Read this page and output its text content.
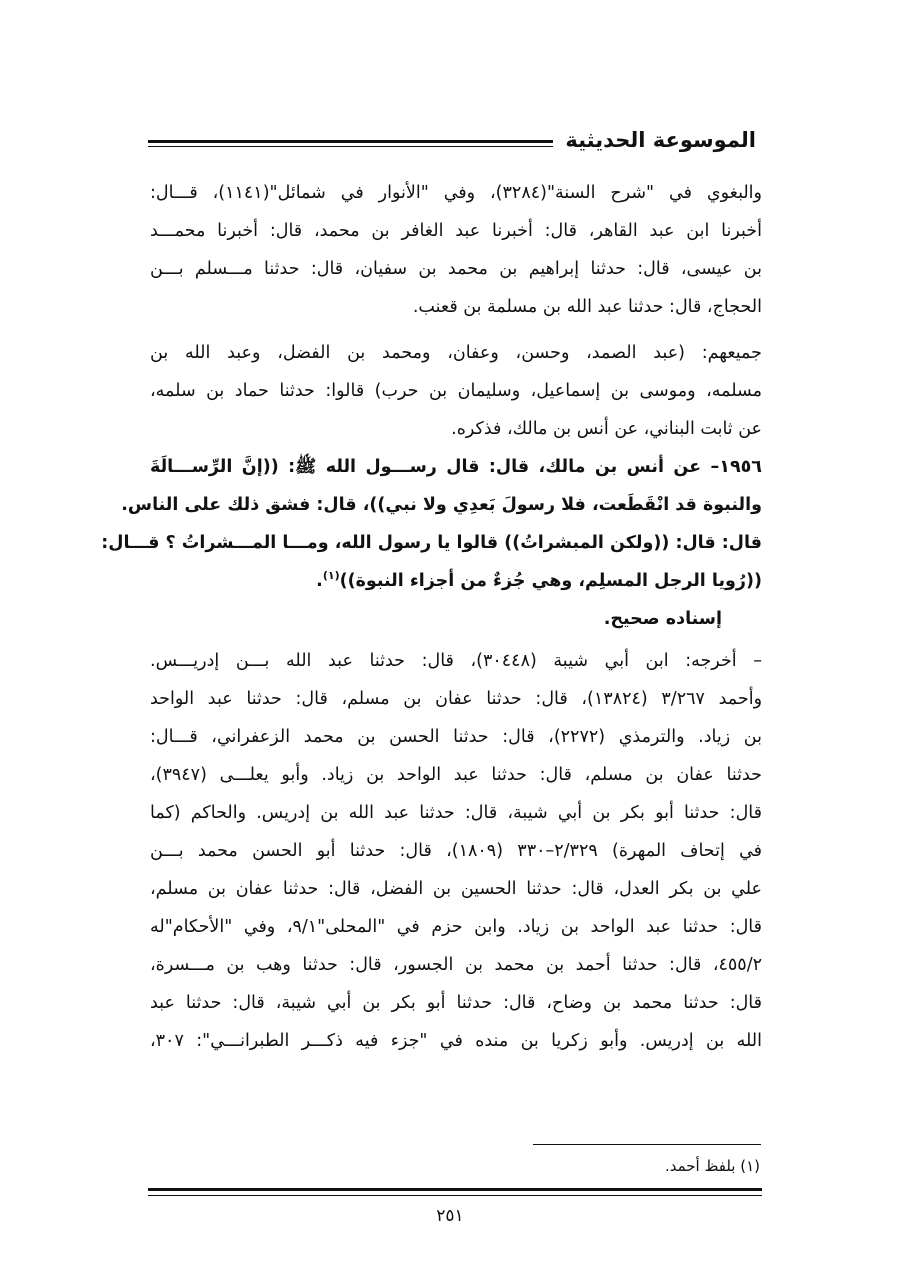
الموسوعة الحديثية
والبغوي في "شرح السنة"(٣٢٨٤)، وفي "الأنوار في شمائل"(١١٤١)، قـــال:
أخبرنا ابن عبد القاهر، قال: أخبرنا عبد الغافر بن محمد، قال: أخبرنا محمـــد
بن عيسى، قال: حدثنا إبراهيم بن محمد بن سفيان، قال: حدثنا مـــسلم بـــن
الحجاج، قال: حدثنا عبد الله بن مسلمة بن قعنب.
جميعهم: (عبد الصمد، وحسن، وعفان، ومحمد بن الفضل، وعبد الله بن
مسلمه، وموسى بن إسماعيل، وسليمان بن حرب) قالوا: حدثنا حماد بن سلمه،
عن ثابت البناني، عن أنس بن مالك، فذكره.
١٩٥٦– عن أنس بن مالك، قال: قال رســـول الله ﷺ: ((إنَّ الرِّســـالَةَ
والنبوة قد انْقَطَعت، فلا رسولَ بَعدِي ولا نبي))، قال: فشق ذلك على الناس.
قال: قال: ((ولكن المبشراتُ)) قالوا يا رسول الله، ومـــا المـــشراتُ ؟ قـــال:
((رُويا الرجل المسلِم، وهي جُزءٌ من أجزاء النبوة))$^{(١)}$.
إسناده صحيح.
– أخرجه: ابن أبي شيبة (٣٠٤٤٨)، قال: حدثنا عبد الله بـــن إدريـــس.
وأحمد ٣/٢٦٧ (١٣٨٢٤)، قال: حدثنا عفان بن مسلم، قال: حدثنا عبد الواحد
بن زياد. والترمذي (٢٢٧٢)، قال: حدثنا الحسن بن محمد الزعفراني، قـــال:
حدثنا عفان بن مسلم، قال: حدثنا عبد الواحد بن زياد. وأبو يعلـــى (٣٩٤٧)،
قال: حدثنا أبو بكر بن أبي شيبة، قال: حدثنا عبد الله بن إدريس. والحاكم (كما
في إتحاف المهرة) ٢/٣٢٩–٣٣٠ (١٨٠٩)، قال: حدثنا أبو الحسن محمد بـــن
علي بن بكر العدل، قال: حدثنا الحسين بن الفضل، قال: حدثنا عفان بن مسلم،
قال: حدثنا عبد الواحد بن زياد. وابن حزم في "المحلى"٩/١، وفي "الأحكام"له
٤٥٥/٢، قال: حدثنا أحمد بن محمد بن الجسور، قال: حدثنا وهب بن مـــسرة،
قال: حدثنا محمد بن وضاح، قال: حدثنا أبو بكر بن أبي شيبة، قال: حدثنا عبد
الله بن إدريس. وأبو زكريا بن منده في "جزء فيه ذكـــر الطبرانـــي": ٣٠٧،
(١) بلفظ أحمد.
٢٥١
